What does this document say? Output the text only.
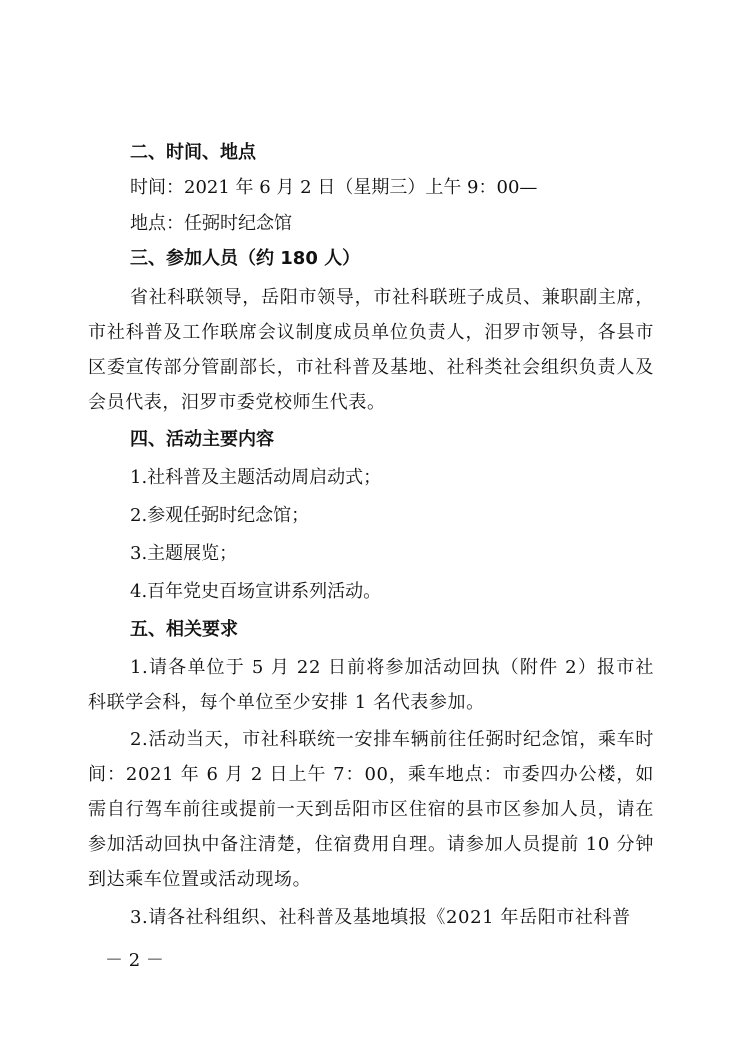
二、时间、地点
时间：2021 年 6 月 2 日（星期三）上午 9：00—
地点：任弼时纪念馆
三、参加人员（约 180 人）
省社科联领导，岳阳市领导，市社科联班子成员、兼职副主席，市社科普及工作联席会议制度成员单位负责人，汨罗市领导，各县市区委宣传部分管副部长，市社科普及基地、社科类社会组织负责人及会员代表，汨罗市委党校师生代表。
四、活动主要内容
1.社科普及主题活动周启动式；
2.参观任弼时纪念馆；
3.主题展览；
4.百年党史百场宣讲系列活动。
五、相关要求
1.请各单位于 5 月 22 日前将参加活动回执（附件 2）报市社科联学会科，每个单位至少安排 1 名代表参加。
2.活动当天，市社科联统一安排车辆前往任弼时纪念馆，乘车时间：2021 年 6 月 2 日上午 7：00，乘车地点：市委四办公楼，如需自行驾车前往或提前一天到岳阳市区住宿的县市区参加人员，请在参加活动回执中备注清楚，住宿费用自理。请参加人员提前 10 分钟到达乘车位置或活动现场。
3.请各社科组织、社科普及基地填报《2021 年岳阳市社科普
－ 2 －
